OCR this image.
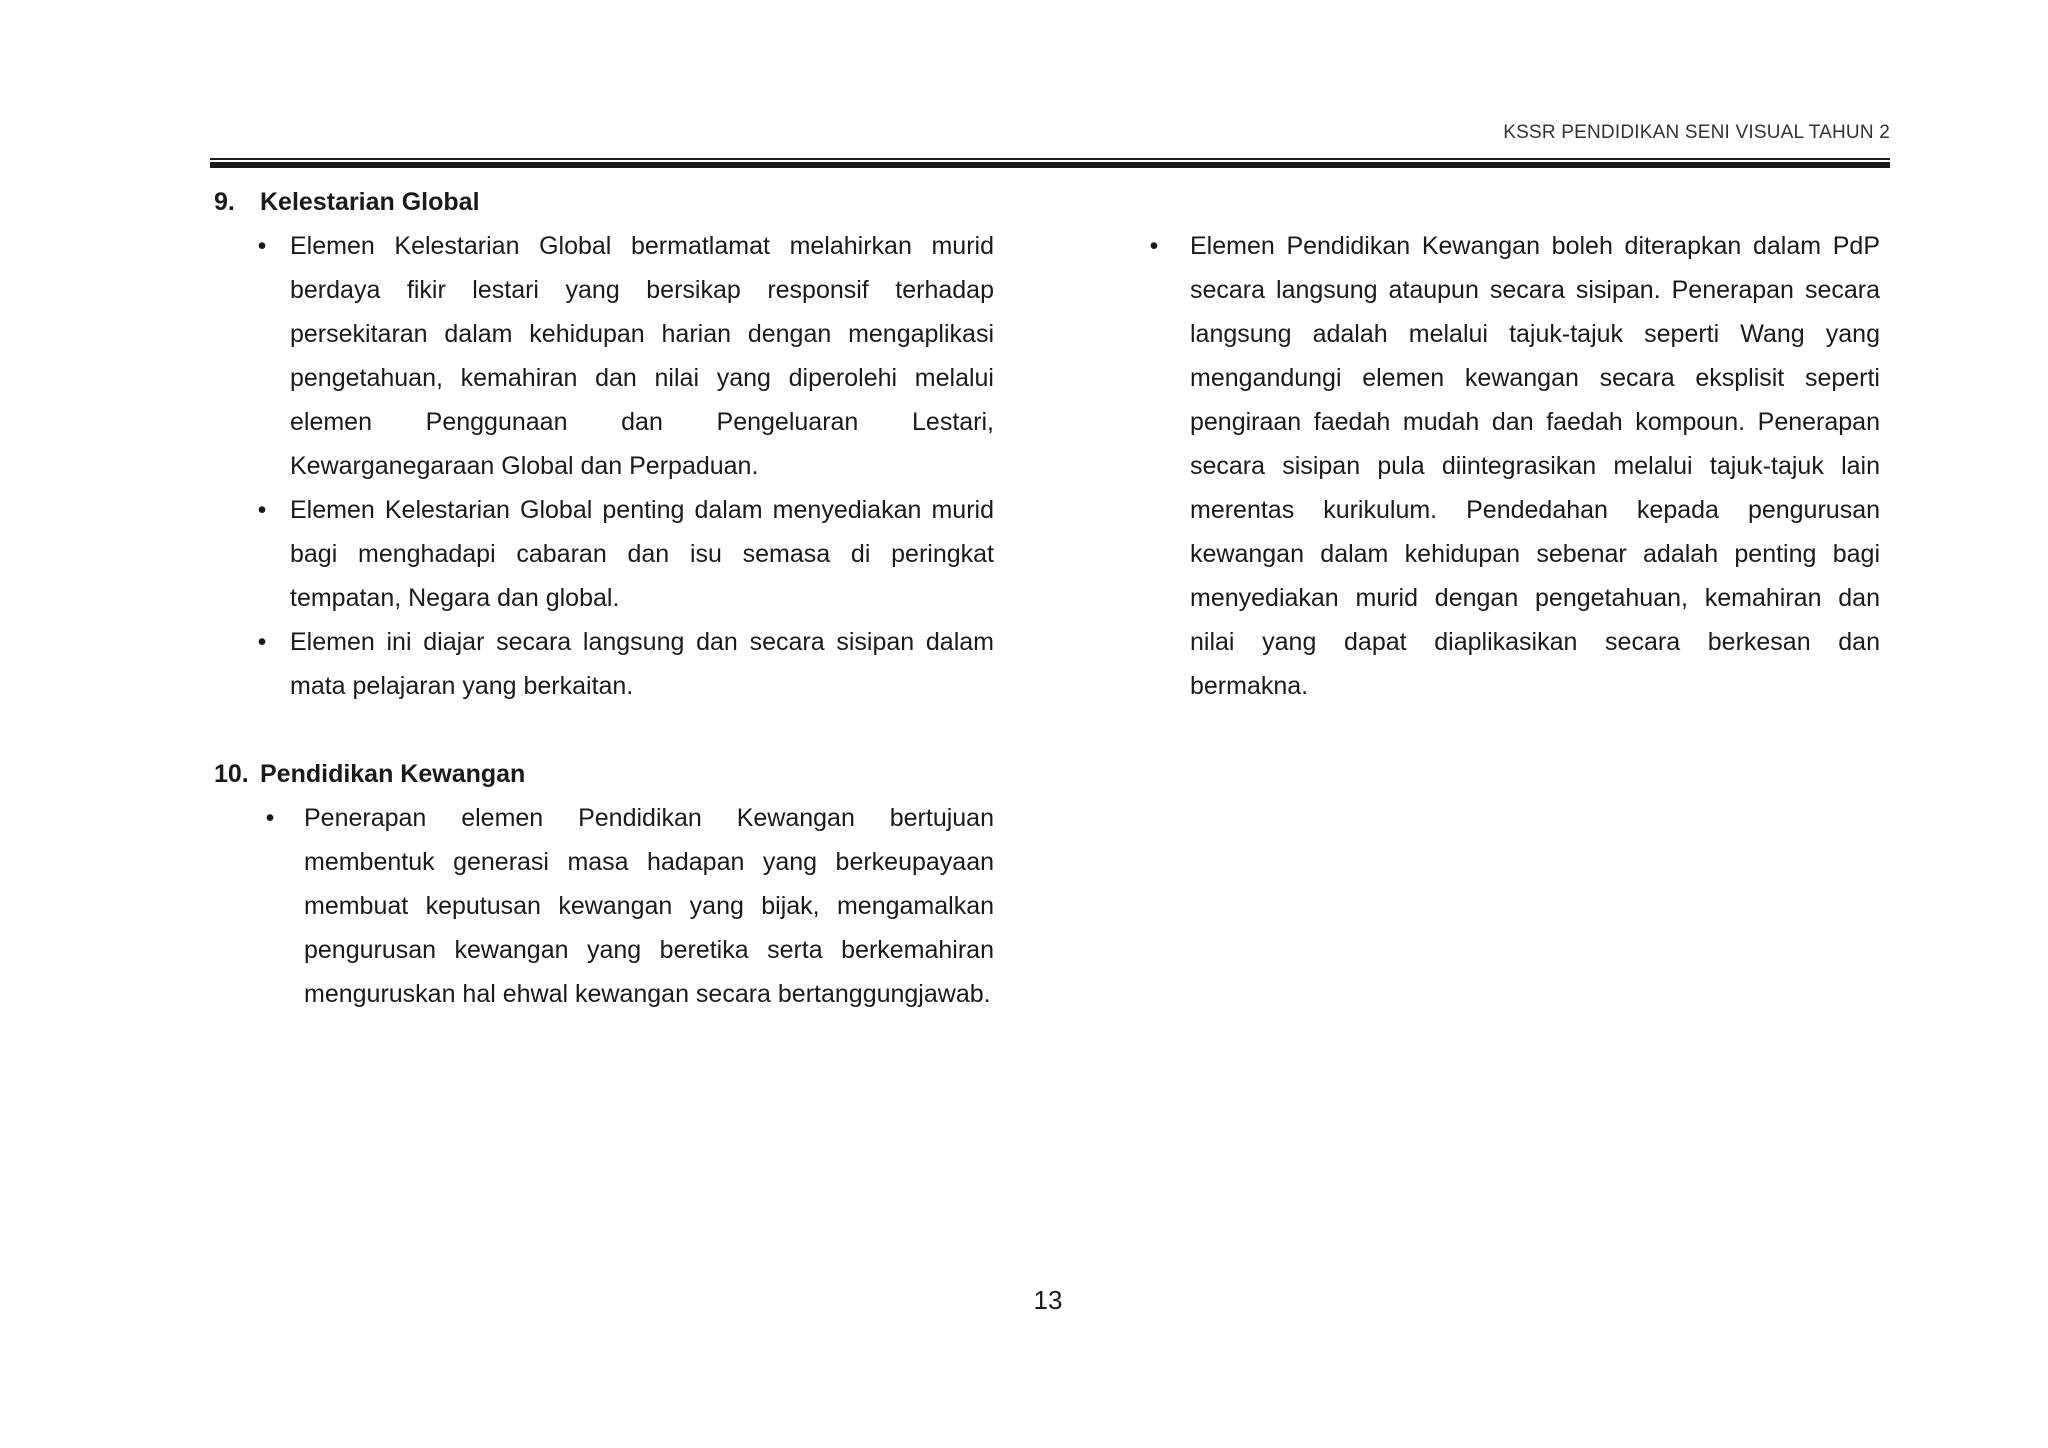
KSSR PENDIDIKAN SENI VISUAL TAHUN 2
9. Kelestarian Global
• Elemen Kelestarian Global bermatlamat melahirkan murid berdaya fikir lestari yang bersikap responsif terhadap persekitaran dalam kehidupan harian dengan mengaplikasi pengetahuan, kemahiran dan nilai yang diperolehi melalui elemen Penggunaan dan Pengeluaran Lestari, Kewarganegaraan Global dan Perpaduan.
• Elemen Kelestarian Global penting dalam menyediakan murid bagi menghadapi cabaran dan isu semasa di peringkat tempatan, Negara dan global.
• Elemen ini diajar secara langsung dan secara sisipan dalam mata pelajaran yang berkaitan.
10. Pendidikan Kewangan
• Penerapan elemen Pendidikan Kewangan bertujuan membentuk generasi masa hadapan yang berkeupayaan membuat keputusan kewangan yang bijak, mengamalkan pengurusan kewangan yang beretika serta berkemahiran menguruskan hal ehwal kewangan secara bertanggungjawab.
• Elemen Pendidikan Kewangan boleh diterapkan dalam PdP secara langsung ataupun secara sisipan. Penerapan secara langsung adalah melalui tajuk-tajuk seperti Wang yang mengandungi elemen kewangan secara eksplisit seperti pengiraan faedah mudah dan faedah kompoun. Penerapan secara sisipan pula diintegrasikan melalui tajuk-tajuk lain merentas kurikulum. Pendedahan kepada pengurusan kewangan dalam kehidupan sebenar adalah penting bagi menyediakan murid dengan pengetahuan, kemahiran dan nilai yang dapat diaplikasikan secara berkesan dan bermakna.
13
